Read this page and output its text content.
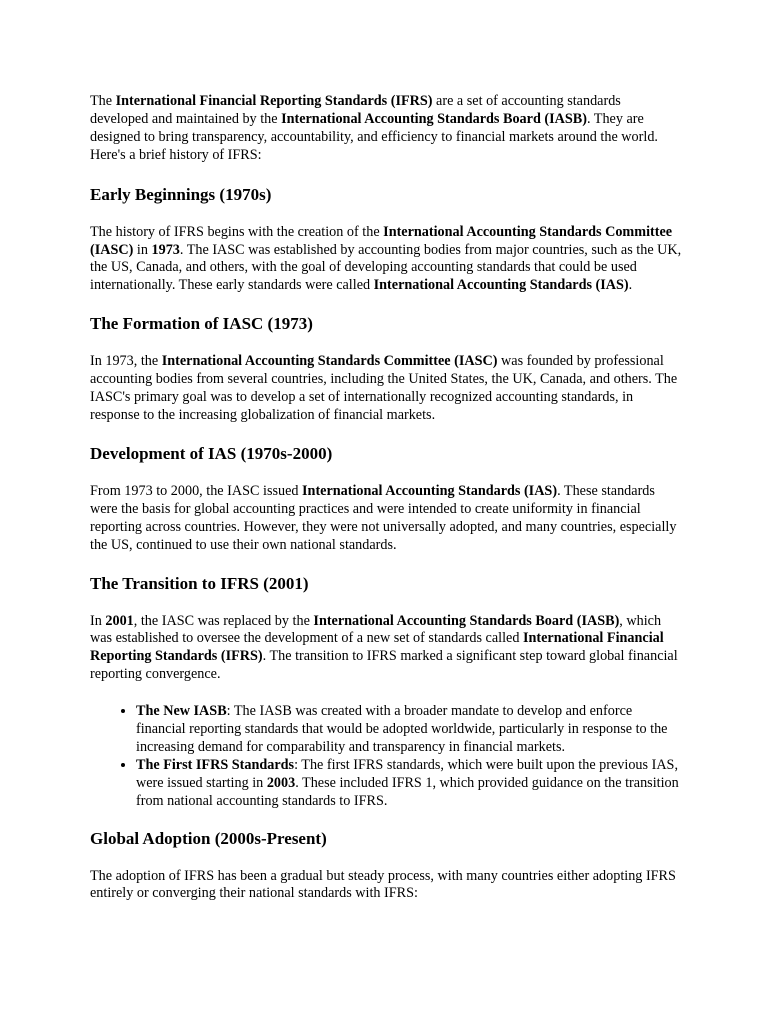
The International Financial Reporting Standards (IFRS) are a set of accounting standards developed and maintained by the International Accounting Standards Board (IASB). They are designed to bring transparency, accountability, and efficiency to financial markets around the world. Here's a brief history of IFRS:

Early Beginnings (1970s)

The history of IFRS begins with the creation of the International Accounting Standards Committee (IASC) in 1973. The IASC was established by accounting bodies from major countries, such as the UK, the US, Canada, and others, with the goal of developing accounting standards that could be used internationally. These early standards were called International Accounting Standards (IAS).

The Formation of IASC (1973)

In 1973, the International Accounting Standards Committee (IASC) was founded by professional accounting bodies from several countries, including the United States, the UK, Canada, and others. The IASC's primary goal was to develop a set of internationally recognized accounting standards, in response to the increasing globalization of financial markets.

Development of IAS (1970s-2000)

From 1973 to 2000, the IASC issued International Accounting Standards (IAS). These standards were the basis for global accounting practices and were intended to create uniformity in financial reporting across countries. However, they were not universally adopted, and many countries, especially the US, continued to use their own national standards.

The Transition to IFRS (2001)

In 2001, the IASC was replaced by the International Accounting Standards Board (IASB), which was established to oversee the development of a new set of standards called International Financial Reporting Standards (IFRS). The transition to IFRS marked a significant step toward global financial reporting convergence.

• The New IASB: The IASB was created with a broader mandate to develop and enforce financial reporting standards that would be adopted worldwide, particularly in response to the increasing demand for comparability and transparency in financial markets.
• The First IFRS Standards: The first IFRS standards, which were built upon the previous IAS, were issued starting in 2003. These included IFRS 1, which provided guidance on the transition from national accounting standards to IFRS.
Global Adoption (2000s-Present)

The adoption of IFRS has been a gradual but steady process, with many countries either adopting IFRS entirely or converging their national standards with IFRS:
